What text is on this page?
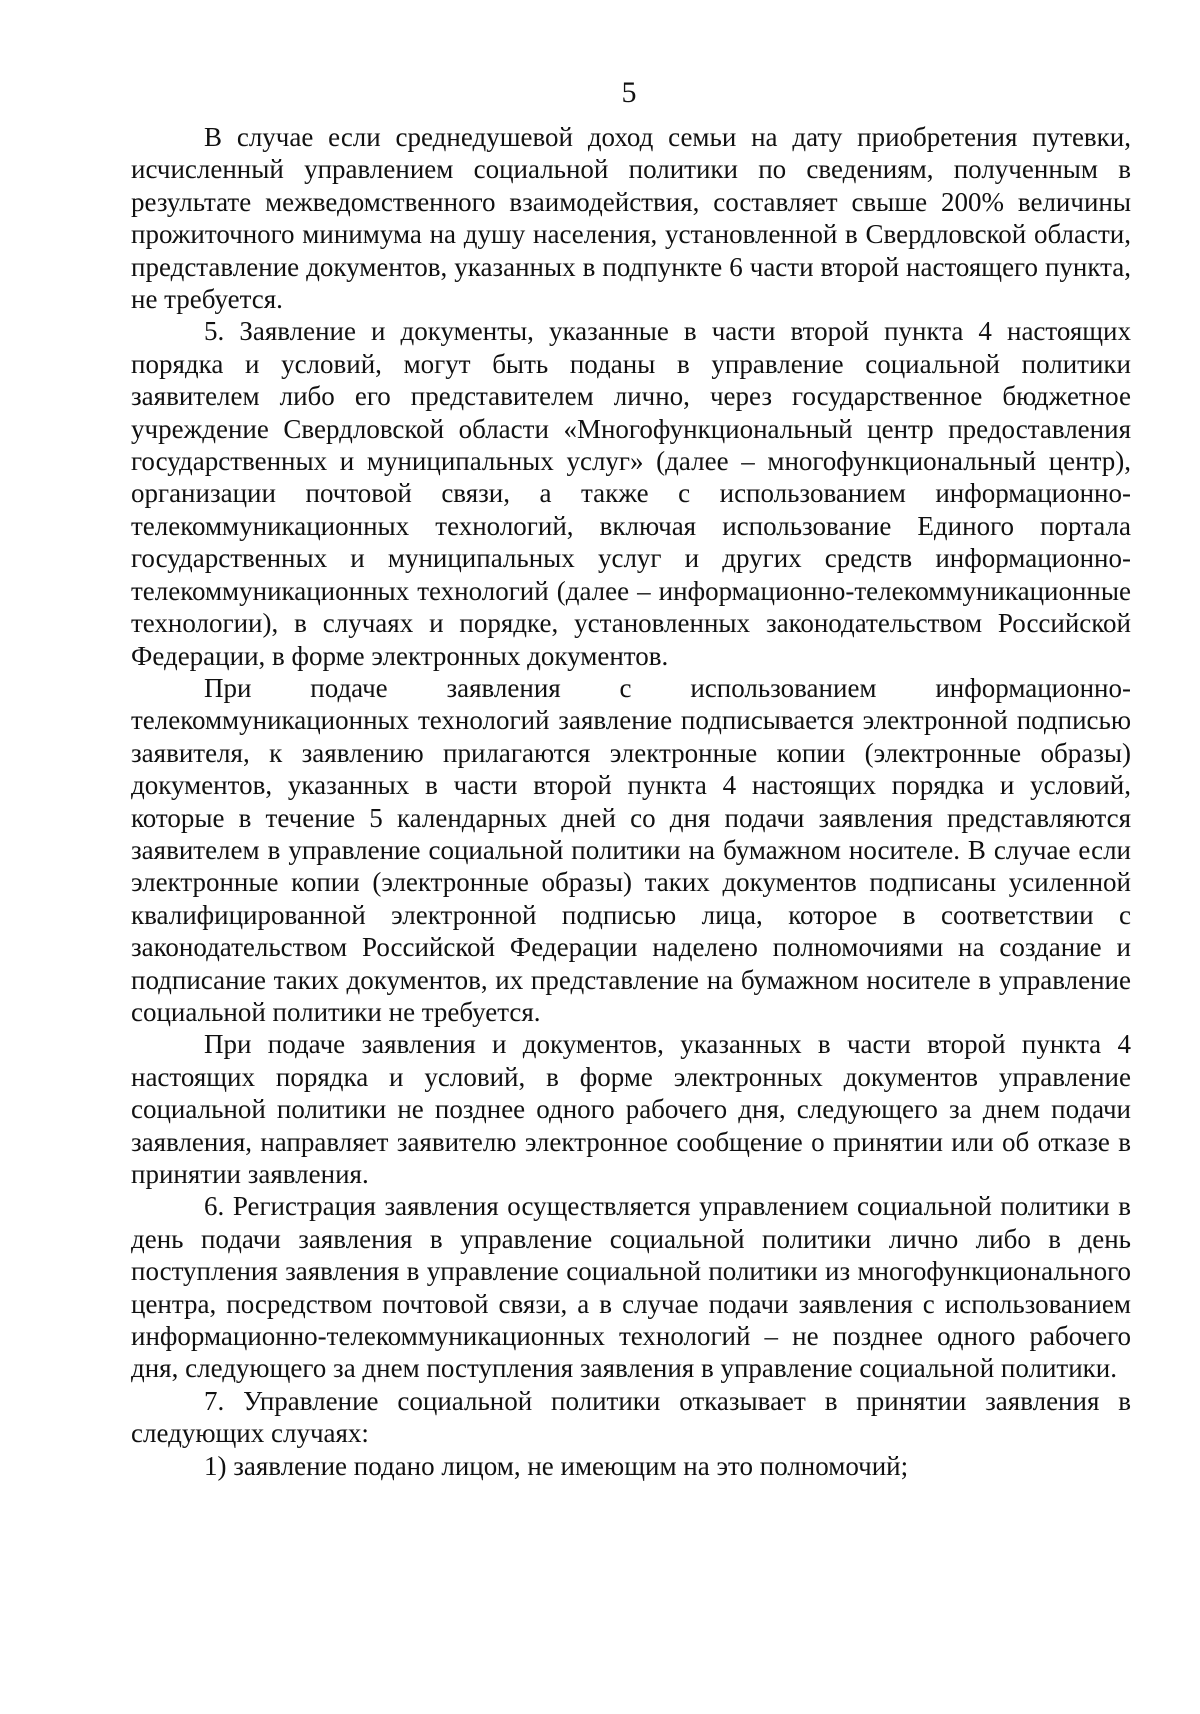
5

В случае если среднедушевой доход семьи на дату приобретения путевки, исчисленный управлением социальной политики по сведениям, полученным в результате межведомственного взаимодействия, составляет свыше 200% величины прожиточного минимума на душу населения, установленной в Свердловской области, представление документов, указанных в подпункте 6 части второй настоящего пункта, не требуется.

5. Заявление и документы, указанные в части второй пункта 4 настоящих порядка и условий, могут быть поданы в управление социальной политики заявителем либо его представителем лично, через государственное бюджетное учреждение Свердловской области «Многофункциональный центр предоставления государственных и муниципальных услуг» (далее – многофункциональный центр), организации почтовой связи, а также с использованием информационно-телекоммуникационных технологий, включая использование Единого портала государственных и муниципальных услуг и других средств информационно-телекоммуникационных технологий (далее – информационно-телекоммуникационные технологии), в случаях и порядке, установленных законодательством Российской Федерации, в форме электронных документов.

При подаче заявления с использованием информационно-телекоммуникационных технологий заявление подписывается электронной подписью заявителя, к заявлению прилагаются электронные копии (электронные образы) документов, указанных в части второй пункта 4 настоящих порядка и условий, которые в течение 5 календарных дней со дня подачи заявления представляются заявителем в управление социальной политики на бумажном носителе. В случае если электронные копии (электронные образы) таких документов подписаны усиленной квалифицированной электронной подписью лица, которое в соответствии с законодательством Российской Федерации наделено полномочиями на создание и подписание таких документов, их представление на бумажном носителе в управление социальной политики не требуется.

При подаче заявления и документов, указанных в части второй пункта 4 настоящих порядка и условий, в форме электронных документов управление социальной политики не позднее одного рабочего дня, следующего за днем подачи заявления, направляет заявителю электронное сообщение о принятии или об отказе в принятии заявления.

6. Регистрация заявления осуществляется управлением социальной политики в день подачи заявления в управление социальной политики лично либо в день поступления заявления в управление социальной политики из многофункционального центра, посредством почтовой связи, а в случае подачи заявления с использованием информационно-телекоммуникационных технологий – не позднее одного рабочего дня, следующего за днем поступления заявления в управление социальной политики.

7. Управление социальной политики отказывает в принятии заявления в следующих случаях:

1) заявление подано лицом, не имеющим на это полномочий;
